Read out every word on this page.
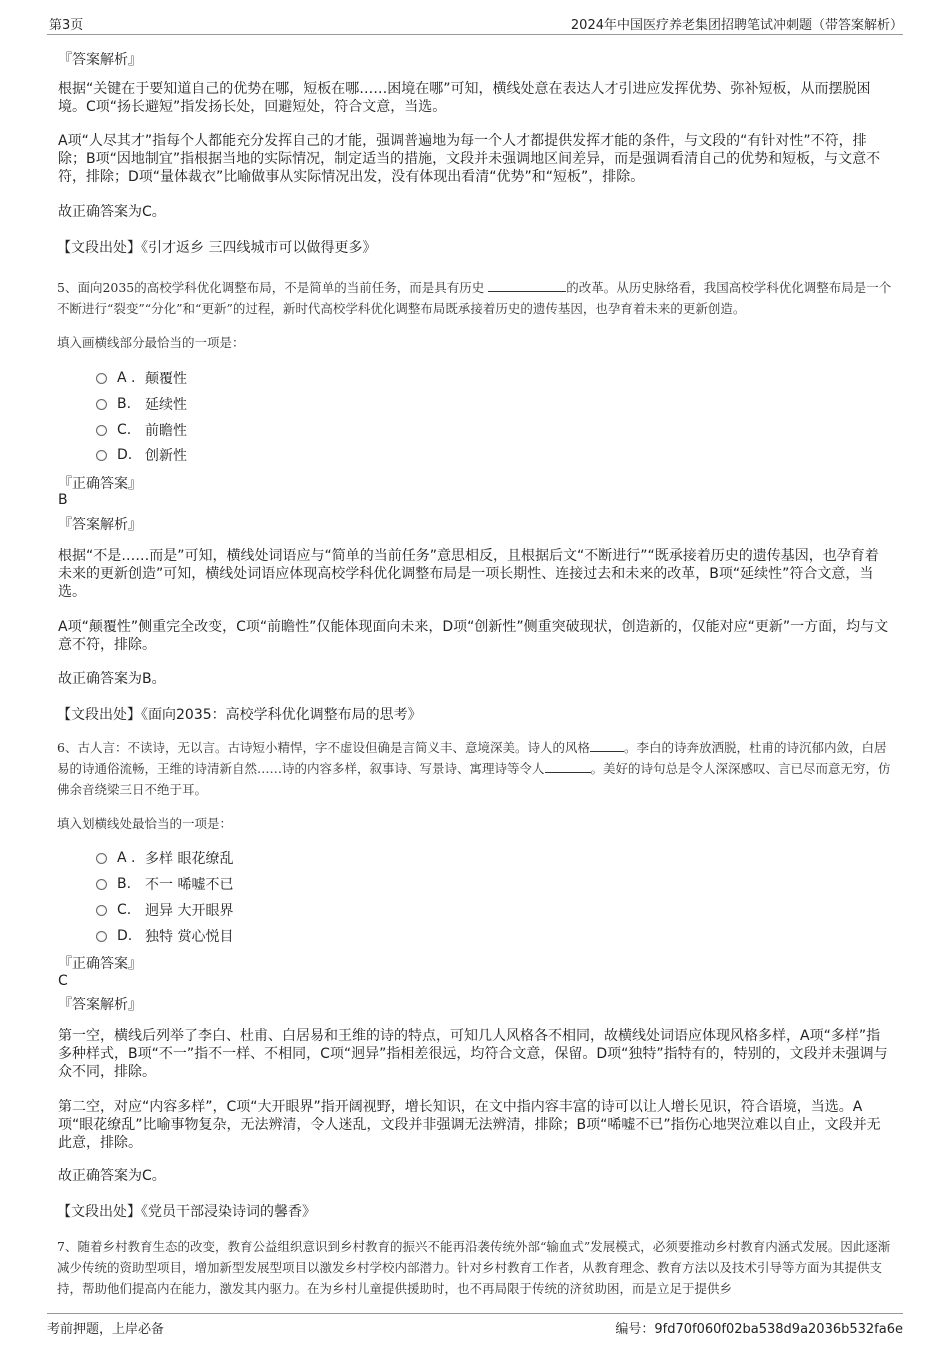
第3页	2024年中国医疗养老集团招聘笔试冲刺题（带答案解析）
『答案解析』
根据“关键在于要知道自己的优势在哪，短板在哪……困境在哪”可知，横线处意在表达人才引进应发挥优势、弥补短板，从而摆脱困境。C项“扬长避短”指发扬长处，回避短处，符合文意，当选。
A项“人尽其才”指每个人都能充分发挥自己的才能，强调普遍地为每一个人才都提供发挥才能的条件，与文段的“有针对性”不符，排除；B项“因地制宜”指根据当地的实际情况，制定适当的措施，文段并未强调地区间差异，而是强调看清自己的优势和短板，与文意不符，排除；D项“量体裁衣”比喻做事从实际情况出发，没有体现出看清“优势”和“短板”，排除。
故正确答案为C。
【文段出处】《引才返乡 三四线城市可以做得更多》
5、面向2035的高校学科优化调整布局，不是简单的当前任务，而是具有历史	的改革。从历史脉络看，我国高校学科优化调整布局是一个不断进行“裂变”“分化”和“更新”的过程，新时代高校学科优化调整布局既承接着历史的遗传基因，也孕育着未来的更新创造。
填入画横线部分最恰当的一项是：
A . 颠覆性
B. 延续性
C. 前瞻性
D. 创新性
『正确答案』
B
『答案解析』
根据“不是……而是”可知，横线处词语应与“简单的当前任务”意思相反，且根据后文“不断进行”“既承接着历史的遗传基因，也孕育着未来的更新创造”可知，横线处词语应体现高校学科优化调整布局是一项长期性、连接过去和未来的改革，B项“延续性”符合文意，当选。
A项“颠覆性”侧重完全改变，C项“前瞻性”仅能体现面向未来，D项“创新性”侧重突破现状，创造新的，仅能对应“更新”一方面，均与文意不符，排除。
故正确答案为B。
【文段出处】《面向2035：高校学科优化调整布局的思考》
6、古人言：不读诗，无以言。古诗短小精悍，字不虚设但确是言简义丰、意境深美。诗人的风格	。李白的诗奔放洒脱，杜甫的诗沉郁内敛，白居易的诗通俗流畅，王维的诗清新自然……诗的内容多样，叙事诗、写景诗、寓理诗等令人	。美好的诗句总是令人深深感叹、言已尽而意无穷，仿佛余音绕梁三日不绝于耳。
填入划横线处最恰当的一项是：
A . 多样 眼花缭乱
B. 不一 唏嘘不已
C. 迥异 大开眼界
D. 独特 赏心悦目
『正确答案』
C
『答案解析』
第一空，横线后列举了李白、杜甫、白居易和王维的诗的特点，可知几人风格各不相同，故横线处词语应体现风格多样，A项“多样”指多种样式，B项“不一”指不一样、不相同，C项“迥异”指相差很远，均符合文意，保留。D项“独特”指特有的，特别的，文段并未强调与众不同，排除。
第二空，对应“内容多样”，C项“大开眼界”指开阔视野，增长知识，在文中指内容丰富的诗可以让人增长见识，符合语境，当选。A项“眼花缭乱”比喻事物复杂，无法辨清，令人迷乱，文段并非强调无法辨清，排除；B项“唏嘘不已”指伤心地哭泣难以自止，文段并无此意，排除。
故正确答案为C。
【文段出处】《党员干部浸染诗词的馨香》
7、随着乡村教育生态的改变，教育公益组织意识到乡村教育的振兴不能再沿袭传统外部“输血式”发展模式，必须要推动乡村教育内涵式发展。因此逐渐减少传统的资助型项目，增加新型发展型项目以激发乡村学校内部潜力。针对乡村教育工作者，从教育理念、教育方法以及技术引导等方面为其提供支持，帮助他们提高内在能力，激发其内驱力。在为乡村儿童提供援助时，也不再局限于传统的济贫助困，而是立足于提供乡
考前押题，上岸必备	编号：9fd70f060f02ba538d9a2036b532fa6e
